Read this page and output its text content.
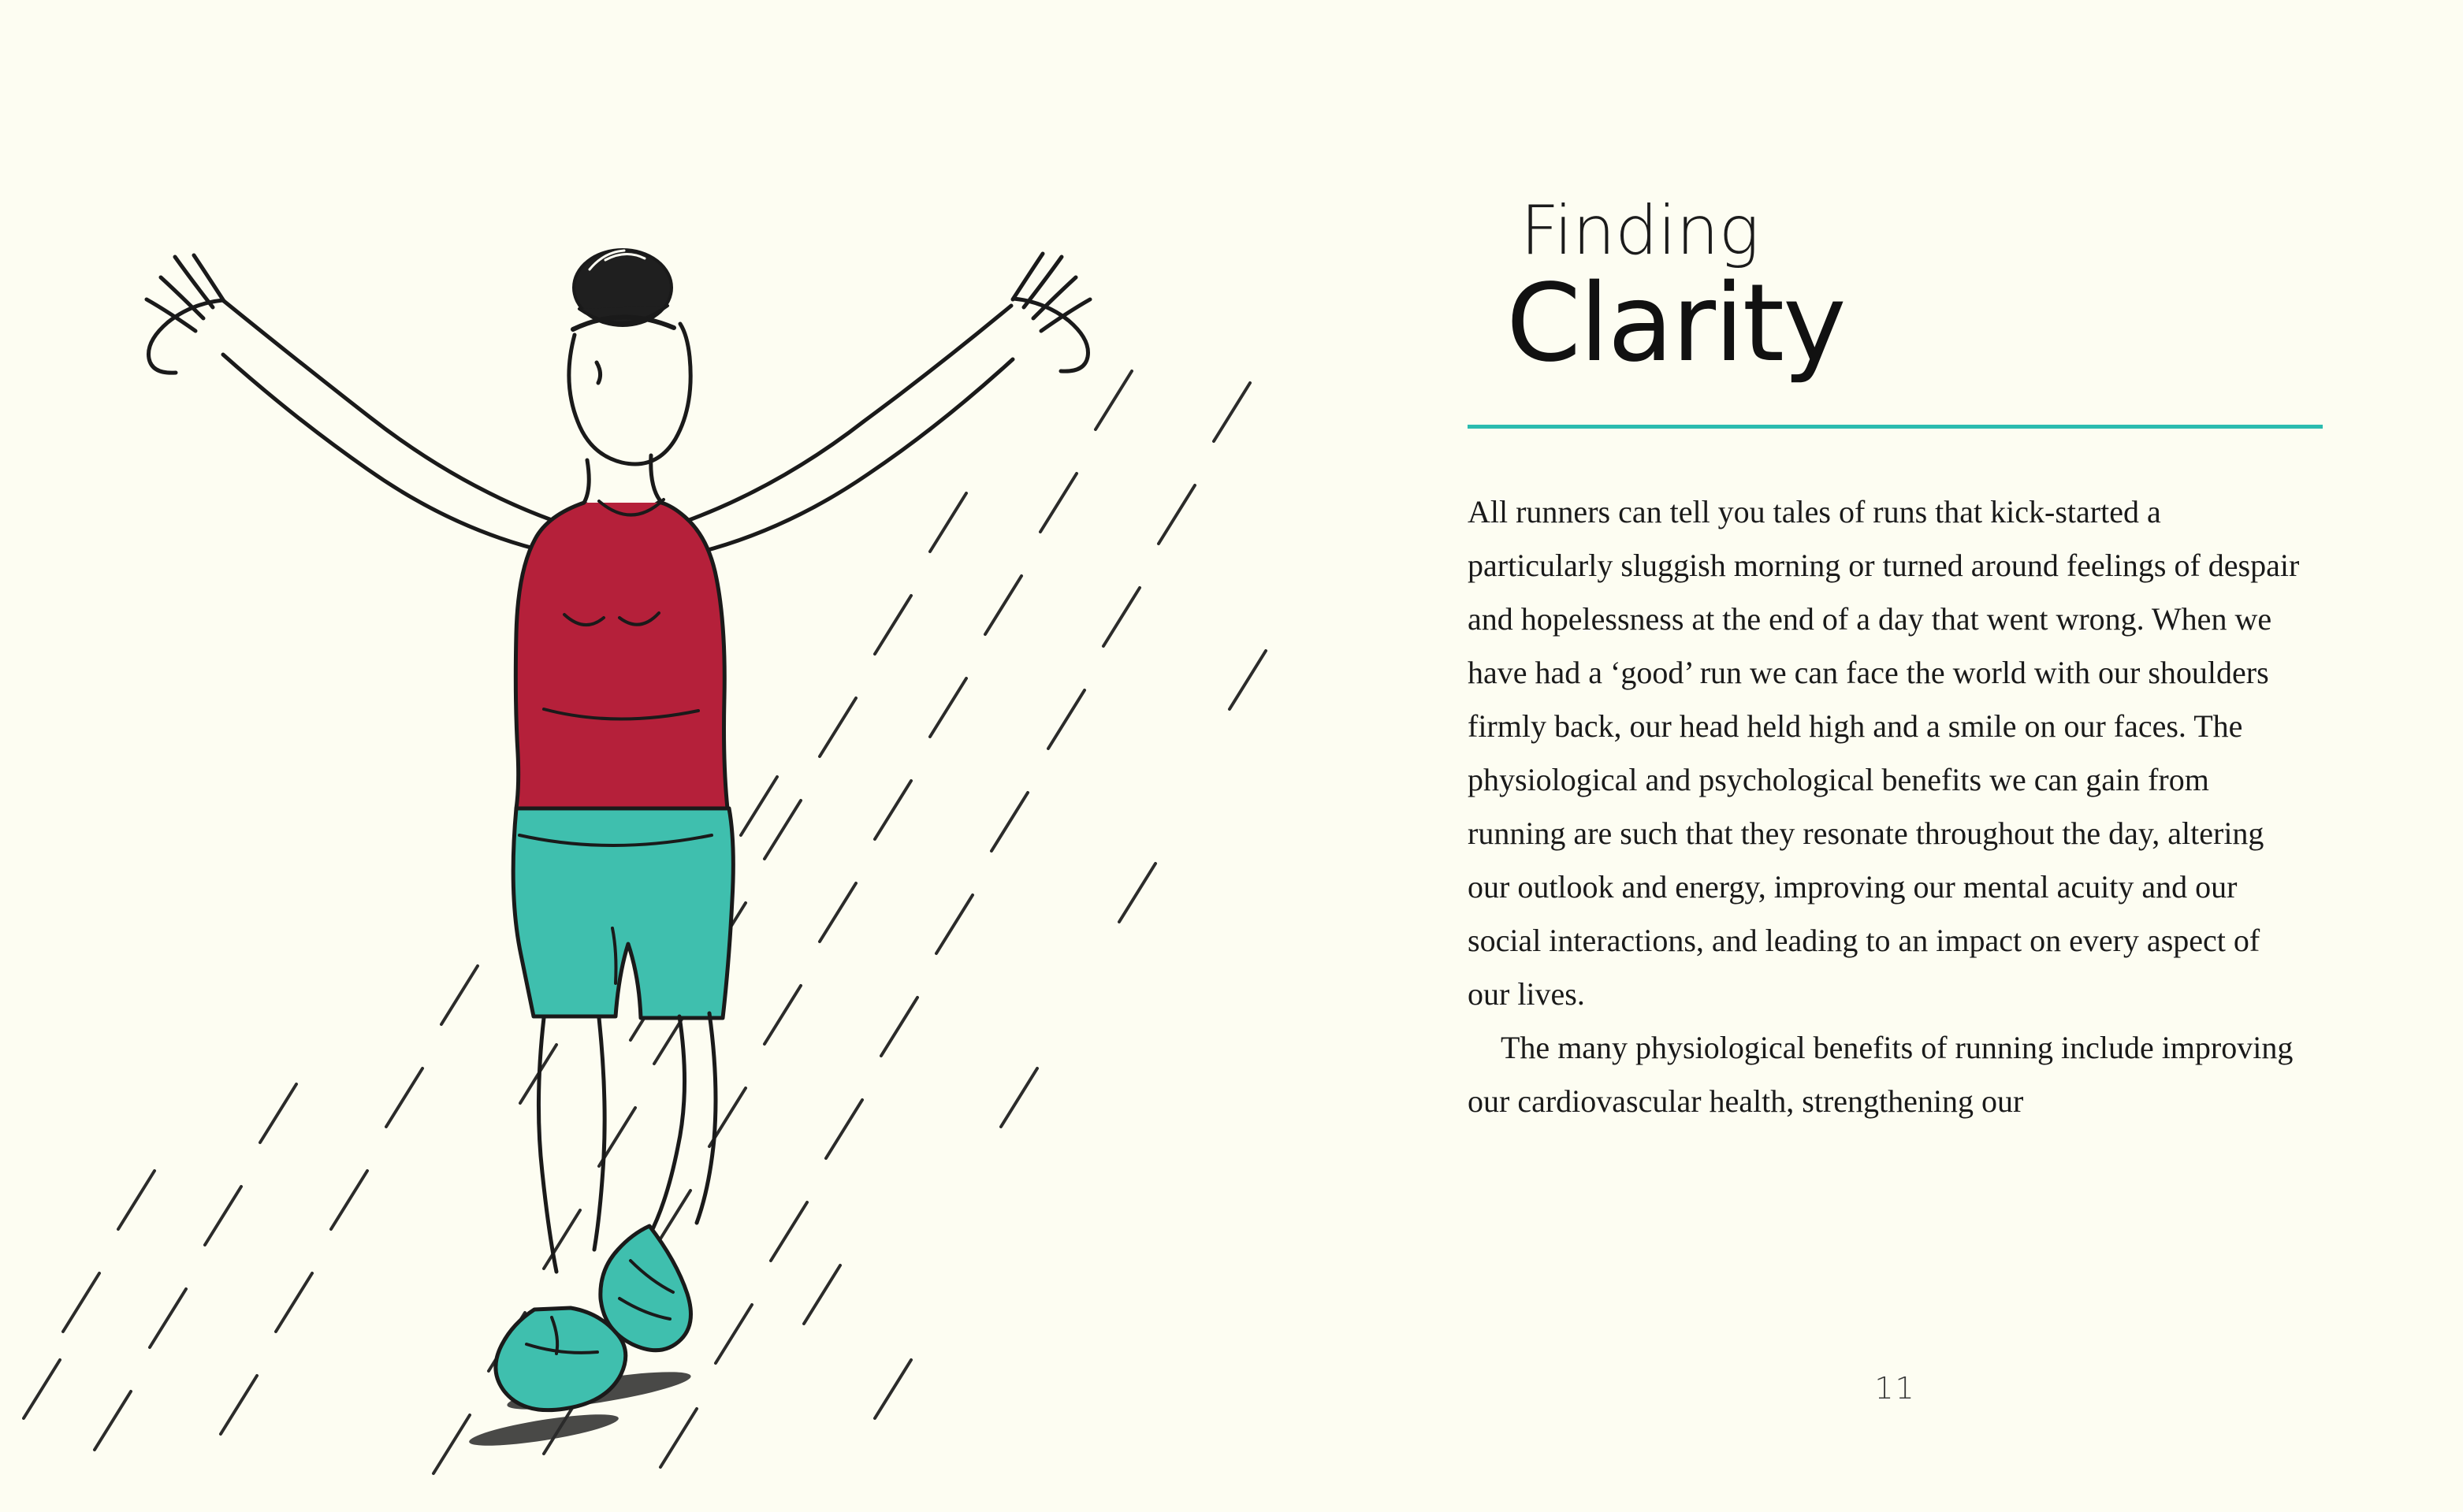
Finding
Clarity

All runners can tell you tales of runs that kick-started a particularly sluggish morning or turned around feelings of despair and hopelessness at the end of a day that went wrong. When we have had a ‘good’ run we can face the world with our shoulders firmly back, our head held high and a smile on our faces. The physiological and psychological benefits we can gain from running are such that they resonate throughout the day, altering our outlook and energy, improving our mental acuity and our social interactions, and leading to an impact on every aspect of our lives.

The many physiological benefits of running include improving our cardiovascular health, strengthening our

11
